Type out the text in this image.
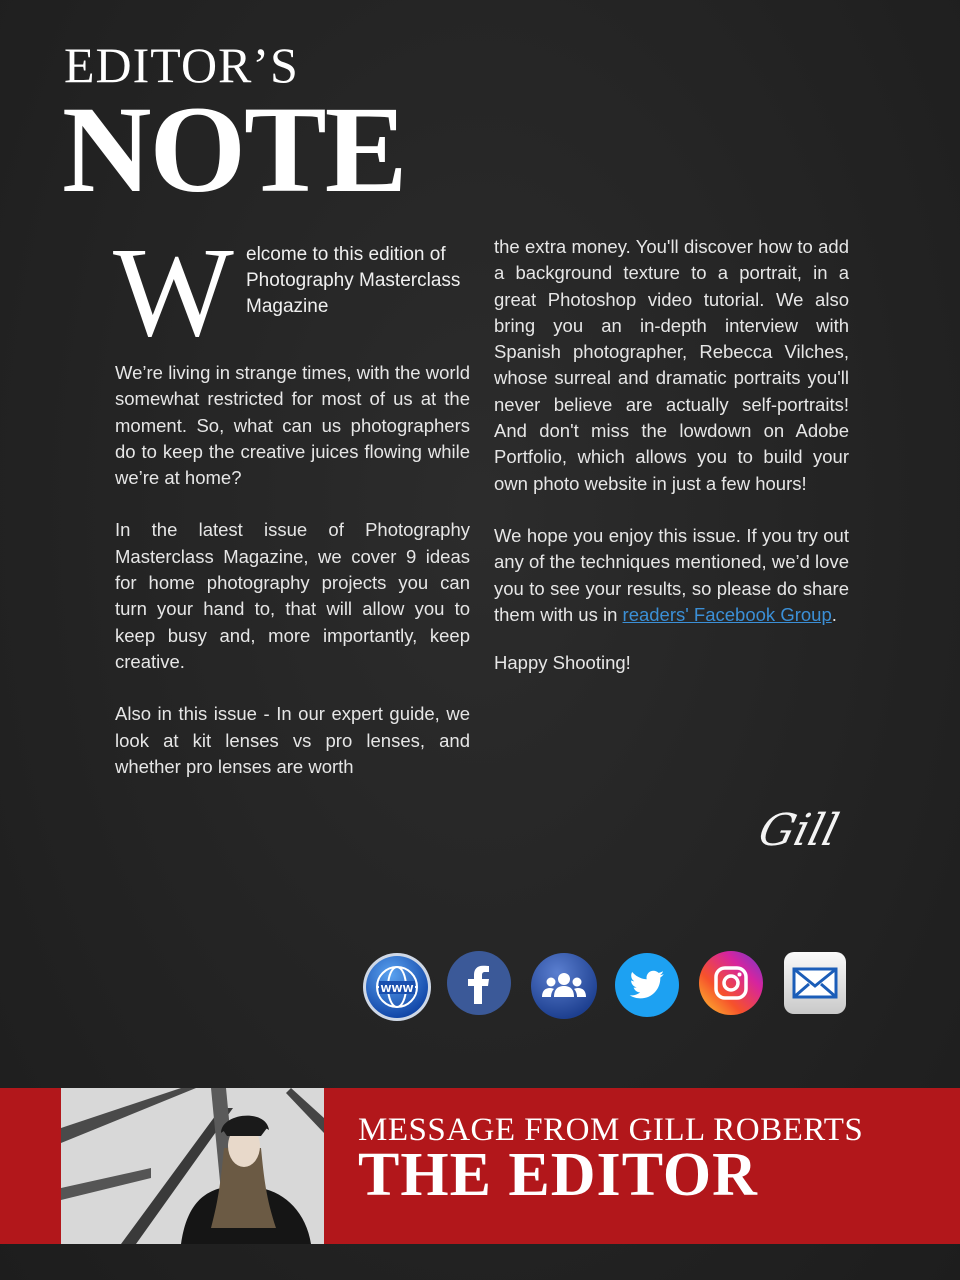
EDITOR’S
NOTE
W elcome to this edition of Photography Masterclass Magazine

We’re living in strange times, with the world somewhat restricted for most of us at the moment. So, what can us photographers do to keep the creative juices flowing while we’re at home?

In the latest issue of Photography Masterclass Magazine, we cover 9 ideas for home photography projects you can turn your hand to, that will allow you to keep busy and, more importantly, keep creative.

Also in this issue - In our expert guide, we look at kit lenses vs pro lenses, and whether pro lenses are worth

the extra money. You'll discover how to add a background texture to a portrait, in a great Photoshop video tutorial. We also bring you an in-depth interview with Spanish photographer, Rebecca Vilches, whose surreal and dramatic portraits you'll never believe are actually self-portraits! And don't miss the lowdown on Adobe Portfolio, which allows you to build your own photo website in just a few hours!

We hope you enjoy this issue. If you try out any of the techniques mentioned, we’d love you to see your results, so please do share them with us in readers' Facebook Group.

Happy Shooting!

Gill
WWW
MESSAGE FROM GILL ROBERTS
THE EDITOR
